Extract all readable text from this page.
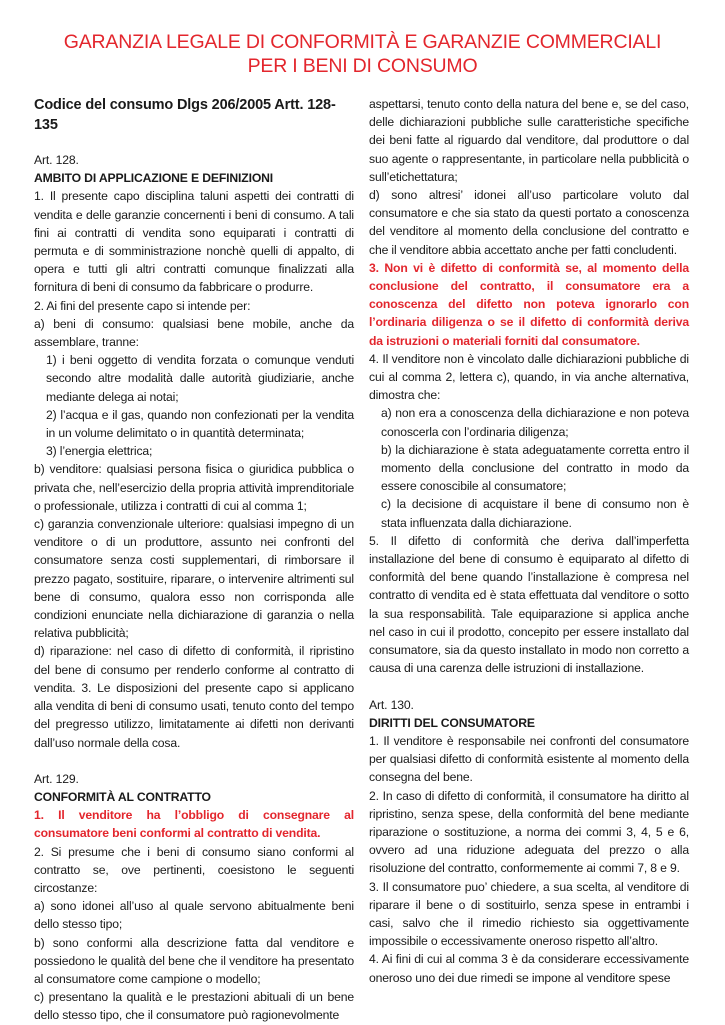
GARANZIA LEGALE DI CONFORMITÀ E GARANZIE COMMERCIALI
PER I BENI DI CONSUMO
Codice del consumo Dlgs 206/2005 Artt. 128-135
Art. 128.
AMBITO DI APPLICAZIONE E DEFINIZIONI
1. Il presente capo disciplina taluni aspetti dei contratti di vendita e delle garanzie concernenti i beni di consumo. A tali fini ai contratti di vendita sono equiparati i contratti di permuta e di somministrazione nonchè quelli di appalto, di opera e tutti gli altri contratti comunque finalizzati alla fornitura di beni di consumo da fabbricare o produrre.
2. Ai fini del presente capo si intende per:
a) beni di consumo: qualsiasi bene mobile, anche da assemblare, tranne:
1) i beni oggetto di vendita forzata o comunque venduti secondo altre modalità dalle autorità giudiziarie, anche mediante delega ai notai;
2) l’acqua e il gas, quando non confezionati per la vendita in un volume delimitato o in quantità determinata;
3) l’energia elettrica;
b) venditore: qualsiasi persona fisica o giuridica pubblica o privata che, nell’esercizio della propria attività imprenditoriale o professionale, utilizza i contratti di cui al comma 1;
c) garanzia convenzionale ulteriore: qualsiasi impegno di un venditore o di un produttore, assunto nei confronti del consumatore senza costi supplementari, di rimborsare il prezzo pagato, sostituire, riparare, o intervenire altrimenti sul bene di consumo, qualora esso non corrisponda alle condizioni enunciate nella dichiarazione di garanzia o nella relativa pubblicità;
d) riparazione: nel caso di difetto di conformità, il ripristino del bene di consumo per renderlo conforme al contratto di vendita. 3. Le disposizioni del presente capo si applicano alla vendita di beni di consumo usati, tenuto conto del tempo del pregresso utilizzo, limitatamente ai difetti non derivanti dall’uso normale della cosa.
Art. 129.
CONFORMITÀ AL CONTRATTO
1. Il venditore ha l’obbligo di consegnare al consumatore beni conformi al contratto di vendita.
2. Si presume che i beni di consumo siano conformi al contratto se, ove pertinenti, coesistono le seguenti circostanze:
a) sono idonei all’uso al quale servono abitualmente beni dello stesso tipo;
b) sono conformi alla descrizione fatta dal venditore e possiedono le qualità del bene che il venditore ha presentato al consumatore come campione o modello;
c) presentano la qualità e le prestazioni abituali di un bene dello stesso tipo, che il consumatore può ragionevolmente
aspettarsi, tenuto conto della natura del bene e, se del caso, delle dichiarazioni pubbliche sulle caratteristiche specifiche dei beni fatte al riguardo dal venditore, dal produttore o dal suo agente o rappresentante, in particolare nella pubblicità o sull’etichettatura;
d) sono altresi’ idonei all’uso particolare voluto dal consumatore e che sia stato da questi portato a conoscenza del venditore al momento della conclusione del contratto e che il venditore abbia accettato anche per fatti concludenti.
3. Non vi è difetto di conformità se, al momento della conclusione del contratto, il consumatore era a conoscenza del difetto non poteva ignorarlo con l’ordinaria diligenza o se il difetto di conformità deriva da istruzioni o materiali forniti dal consumatore.
4. Il venditore non è vincolato dalle dichiarazioni pubbliche di cui al comma 2, lettera c), quando, in via anche alternativa, dimostra che:
a) non era a conoscenza della dichiarazione e non poteva conoscerla con l’ordinaria diligenza;
b) la dichiarazione è stata adeguatamente corretta entro il momento della conclusione del contratto in modo da essere conoscibile al consumatore;
c) la decisione di acquistare il bene di consumo non è stata influenzata dalla dichiarazione.
5. Il difetto di conformità che deriva dall’imperfetta installazione del bene di consumo è equiparato al difetto di conformità del bene quando l’installazione è compresa nel contratto di vendita ed è stata effettuata dal venditore o sotto la sua responsabilità. Tale equiparazione si applica anche nel caso in cui il prodotto, concepito per essere installato dal consumatore, sia da questo installato in modo non corretto a causa di una carenza delle istruzioni di installazione.
Art. 130.
DIRITTI DEL CONSUMATORE
1. Il venditore è responsabile nei confronti del consumatore per qualsiasi difetto di conformità esistente al momento della consegna del bene.
2. In caso di difetto di conformità, il consumatore ha diritto al ripristino, senza spese, della conformità del bene mediante riparazione o sostituzione, a norma dei commi 3, 4, 5 e 6, ovvero ad una riduzione adeguata del prezzo o alla risoluzione del contratto, conformemente ai commi 7, 8 e 9.
3. Il consumatore puo’ chiedere, a sua scelta, al venditore di riparare il bene o di sostituirlo, senza spese in entrambi i casi, salvo che il rimedio richiesto sia oggettivamente impossibile o eccessivamente oneroso rispetto all’altro.
4. Ai fini di cui al comma 3 è da considerare eccessivamente oneroso uno dei due rimedi se impone al venditore spese
